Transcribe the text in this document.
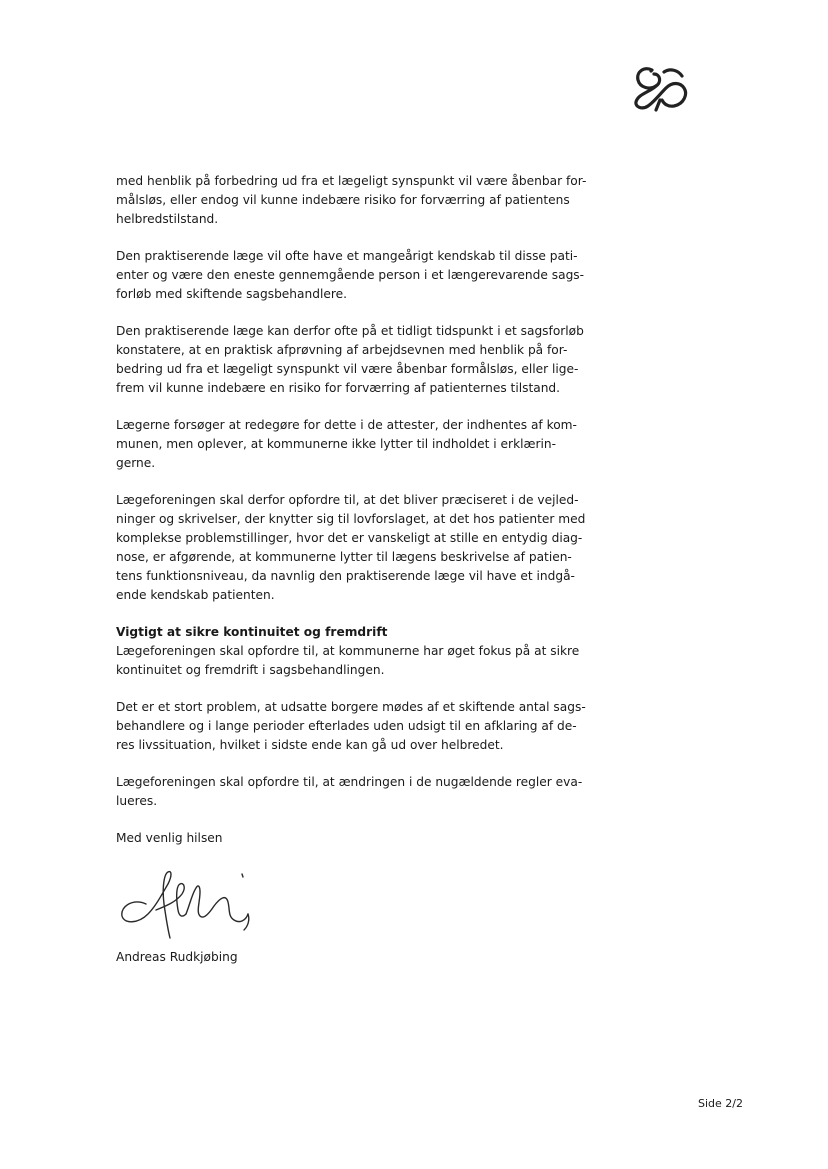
med henblik på forbedring ud fra et lægeligt synspunkt vil være åbenbar for-
målsløs, eller endog vil kunne indebære risiko for forværring af patientens
helbredstilstand.

Den praktiserende læge vil ofte have et mangeårigt kendskab til disse pati-
enter og være den eneste gennemgående person i et længerevarende sags-
forløb med skiftende sagsbehandlere.

Den praktiserende læge kan derfor ofte på et tidligt tidspunkt i et sagsforløb
konstatere, at en praktisk afprøvning af arbejdsevnen med henblik på for-
bedring ud fra et lægeligt synspunkt vil være åbenbar formålsløs, eller lige-
frem vil kunne indebære en risiko for forværring af patienternes tilstand.

Lægerne forsøger at redegøre for dette i de attester, der indhentes af kom-
munen, men oplever, at kommunerne ikke lytter til indholdet i erklærin-
gerne.

Lægeforeningen skal derfor opfordre til, at det bliver præciseret i de vejled-
ninger og skrivelser, der knytter sig til lovforslaget, at det hos patienter med
komplekse problemstillinger, hvor det er vanskeligt at stille en entydig diag-
nose, er afgørende, at kommunerne lytter til lægens beskrivelse af patien-
tens funktionsniveau, da navnlig den praktiserende læge vil have et indgå-
ende kendskab patienten.

Vigtigt at sikre kontinuitet og fremdrift
Lægeforeningen skal opfordre til, at kommunerne har øget fokus på at sikre
kontinuitet og fremdrift i sagsbehandlingen.

Det er et stort problem, at udsatte borgere mødes af et skiftende antal sags-
behandlere og i lange perioder efterlades uden udsigt til en afklaring af de-
res livssituation, hvilket i sidste ende kan gå ud over helbredet.

Lægeforeningen skal opfordre til, at ændringen i de nugældende regler eva-
lueres.

Med venlig hilsen

Andreas Rudkjøbing
Side 2/2
